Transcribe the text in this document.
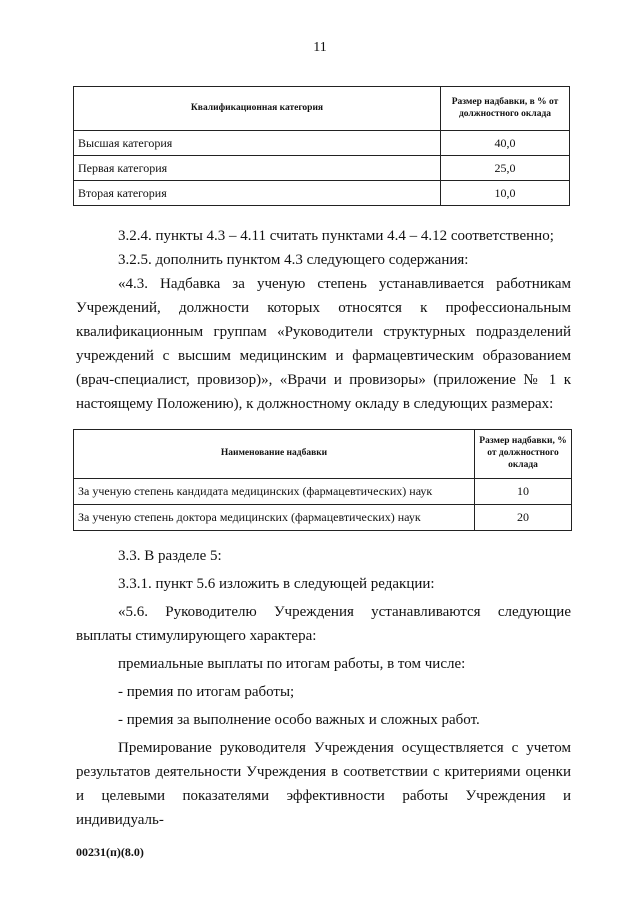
11
Квалификационная категория	Размер надбавки, в % от должностного оклада
Высшая категория	40,0
Первая категория	25,0
Вторая категория	10,0

3.2.4. пункты 4.3 – 4.11 считать пунктами 4.4 – 4.12 соответственно;

3.2.5. дополнить пунктом 4.3 следующего содержания:

«4.3. Надбавка за ученую степень устанавливается работникам Учреждений, должности которых относятся к профессиональным квалификационным группам «Руководители структурных подразделений учреждений с высшим медицинским и фармацевтическим образованием (врач-специалист, провизор)», «Врачи и провизоры» (приложение № 1 к настоящему Положению), к должностному окладу в следующих размерах:

Наименование надбавки	Размер надбавки, % от должностного оклада
За ученую степень кандидата медицинских (фармацевтических) наук	10
За ученую степень доктора медицинских (фармацевтических) наук	20

3.3. В разделе 5:

3.3.1. пункт 5.6 изложить в следующей редакции:

«5.6. Руководителю Учреждения устанавливаются следующие выплаты стимулирующего характера:

премиальные выплаты по итогам работы, в том числе:

- премия по итогам работы;

- премия за выполнение особо важных и сложных работ.

Премирование руководителя Учреждения осуществляется с учетом результатов деятельности Учреждения в соответствии с критериями оценки и целевыми показателями эффективности работы Учреждения и индивидуаль-

00231(п)(8.0)
